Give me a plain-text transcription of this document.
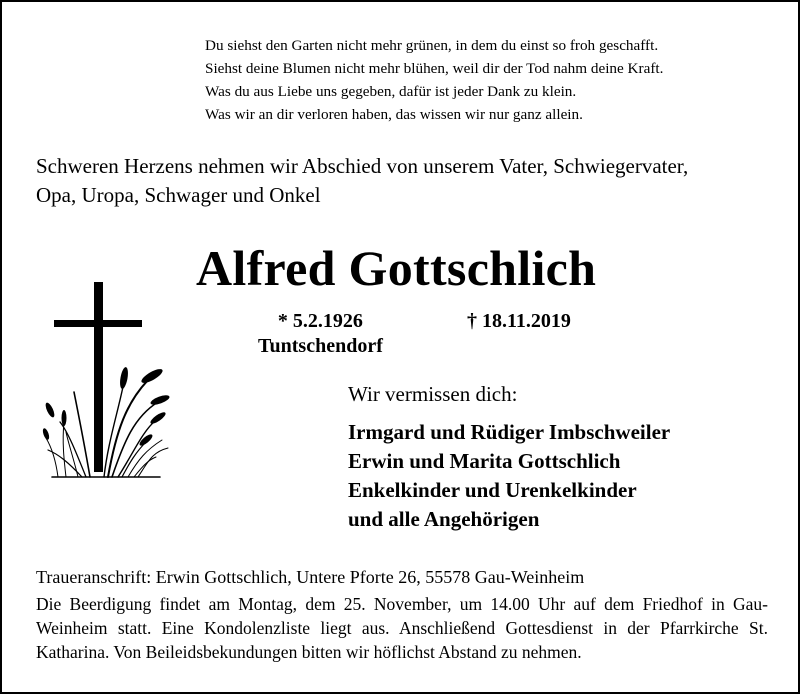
Du siehst den Garten nicht mehr grünen, in dem du einst so froh geschafft.
Siehst deine Blumen nicht mehr blühen, weil dir der Tod nahm deine Kraft.
Was du aus Liebe uns gegeben, dafür ist jeder Dank zu klein.
Was wir an dir verloren haben, das wissen wir nur ganz allein.
Schweren Herzens nehmen wir Abschied von unserem Vater, Schwiegervater,
Opa, Uropa, Schwager und Onkel
Alfred Gottschlich
* 5.2.1926
Tuntschendorf
† 18.11.2019
Wir vermissen dich:
Irmgard und Rüdiger Imbschweiler
Erwin und Marita Gottschlich
Enkelkinder und Urenkelkinder
und alle Angehörigen
Traueranschrift: Erwin Gottschlich, Untere Pforte 26, 55578 Gau-Weinheim
Die Beerdigung findet am Montag, dem 25. November, um 14.00 Uhr auf dem Friedhof in Gau-Weinheim statt. Eine Kondolenzliste liegt aus. Anschließend Gottesdienst in der Pfarrkirche St. Katharina. Von Beileidsbekundungen bitten wir höflichst Abstand zu nehmen.
